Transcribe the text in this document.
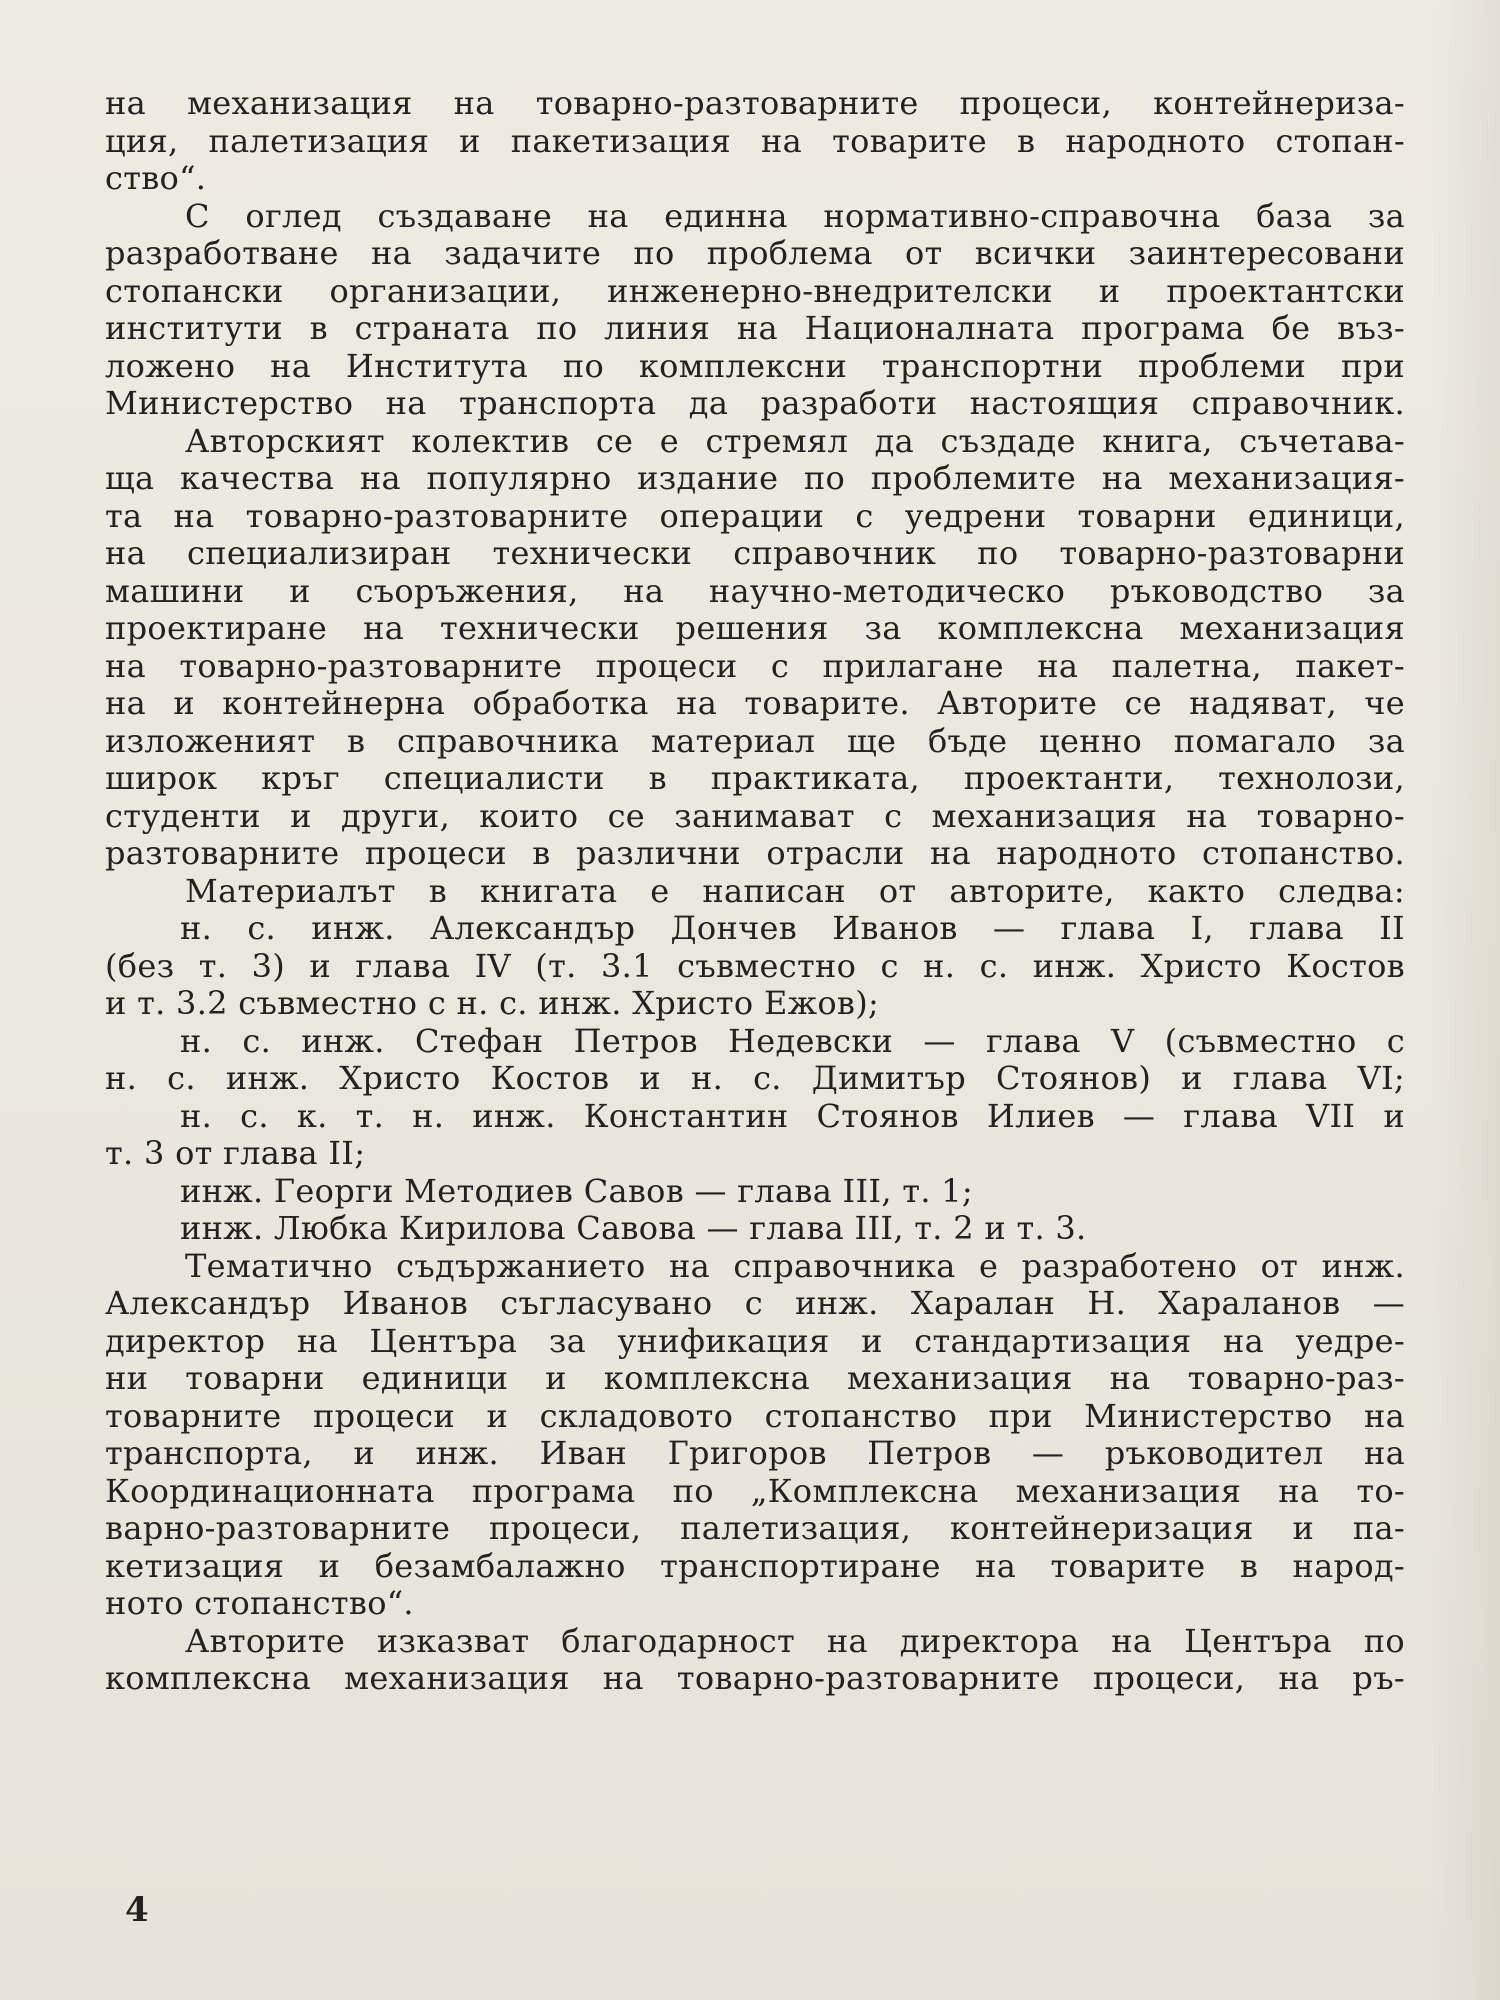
на механизация на товарно-разтоварните процеси, контейнериза-
ция, палетизация и пакетизация на товарите в народното стопан-
ство“.
С оглед създаване на единна нормативно-справочна база за
разработване на задачите по проблема от всички заинтересовани
стопански организации, инженерно-внедрителски и проектантски
институти в страната по линия на Националната програма бе въз-
ложено на Института по комплексни транспортни проблеми при
Министерство на транспорта да разработи настоящия справочник.
Авторският колектив се е стремял да създаде книга, съчетава-
ща качества на популярно издание по проблемите на механизация-
та на товарно-разтоварните операции с уедрени товарни единици,
на специализиран технически справочник по товарно-разтоварни
машини и съоръжения, на научно-методическо ръководство за
проектиране на технически решения за комплексна механизация
на товарно-разтоварните процеси с прилагане на палетна, пакет-
на и контейнерна обработка на товарите. Авторите се надяват, че
изложеният в справочника материал ще бъде ценно помагало за
широк кръг специалисти в практиката, проектанти, технолози,
студенти и други, които се занимават с механизация на товарно-
разтоварните процеси в различни отрасли на народното стопанство.
Материалът в книгата е написан от авторите, както следва:
н. с. инж. Александър Дончев Иванов — глава I, глава II
(без т. 3) и глава IV (т. 3.1 съвместно с н. с. инж. Христо Костов
и т. 3.2 съвместно с н. с. инж. Христо Ежов);
н. с. инж. Стефан Петров Недевски — глава V (съвместно с
н. с. инж. Христо Костов и н. с. Димитър Стоянов) и глава VI;
н. с. к. т. н. инж. Константин Стоянов Илиев — глава VII и
т. 3 от глава II;
инж. Георги Методиев Савов — глава III, т. 1;
инж. Любка Кирилова Савова — глава III, т. 2 и т. 3.
Тематично съдържанието на справочника е разработено от инж.
Александър Иванов съгласувано с инж. Харалан Н. Хараланов —
директор на Центъра за унификация и стандартизация на уедре-
ни товарни единици и комплексна механизация на товарно-раз-
товарните процеси и складовото стопанство при Министерство на
транспорта, и инж. Иван Григоров Петров — ръководител на
Координационната програма по „Комплексна механизация на то-
варно-разтоварните процеси, палетизация, контейнеризация и па-
кетизация и безамбалажно транспортиране на товарите в народ-
ното стопанство“.
Авторите изказват благодарност на директора на Центъра по
комплексна механизация на товарно-разтоварните процеси, на ръ-
4
